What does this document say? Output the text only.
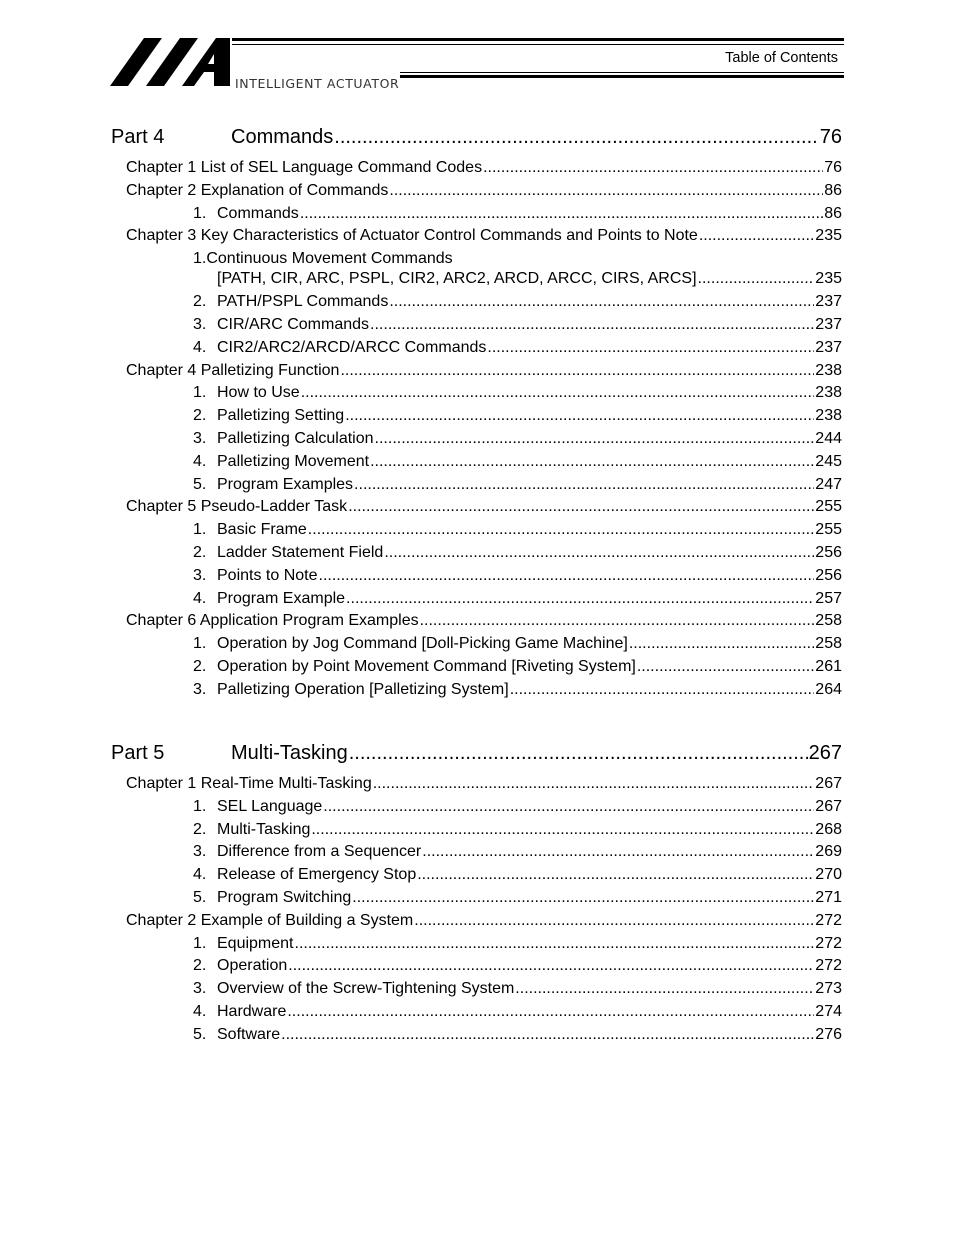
INTELLIGENT ACTUATOR
Table of Contents
Part 4	Commands .....	76
Chapter 1 List of SEL Language Command Codes .....	76
Chapter 2 Explanation of Commands .....	86
1. Commands .....	86
Chapter 3 Key Characteristics of Actuator Control Commands and Points to Note .....	235
1.Continuous Movement Commands
[PATH, CIR, ARC, PSPL, CIR2, ARC2, ARCD, ARCC, CIRS, ARCS] .....	235
2. PATH/PSPL Commands .....	237
3. CIR/ARC Commands .....	237
4. CIR2/ARC2/ARCD/ARCC Commands .....	237
Chapter 4 Palletizing Function .....	238
1. How to Use .....	238
2. Palletizing Setting .....	238
3. Palletizing Calculation .....	244
4. Palletizing Movement .....	245
5. Program Examples .....	247
Chapter 5 Pseudo-Ladder Task .....	255
1. Basic Frame .....	255
2. Ladder Statement Field .....	256
3. Points to Note .....	256
4. Program Example .....	257
Chapter 6 Application Program Examples .....	258
1. Operation by Jog Command [Doll-Picking Game Machine] .....	258
2. Operation by Point Movement Command [Riveting System] .....	261
3. Palletizing Operation [Palletizing System] .....	264
Part 5	Multi-Tasking .....	267
Chapter 1 Real-Time Multi-Tasking .....	267
1. SEL Language .....	267
2. Multi-Tasking .....	268
3. Difference from a Sequencer .....	269
4. Release of Emergency Stop .....	270
5. Program Switching .....	271
Chapter 2 Example of Building a System .....	272
1. Equipment .....	272
2. Operation .....	272
3. Overview of the Screw-Tightening System .....	273
4. Hardware .....	274
5. Software .....	276
